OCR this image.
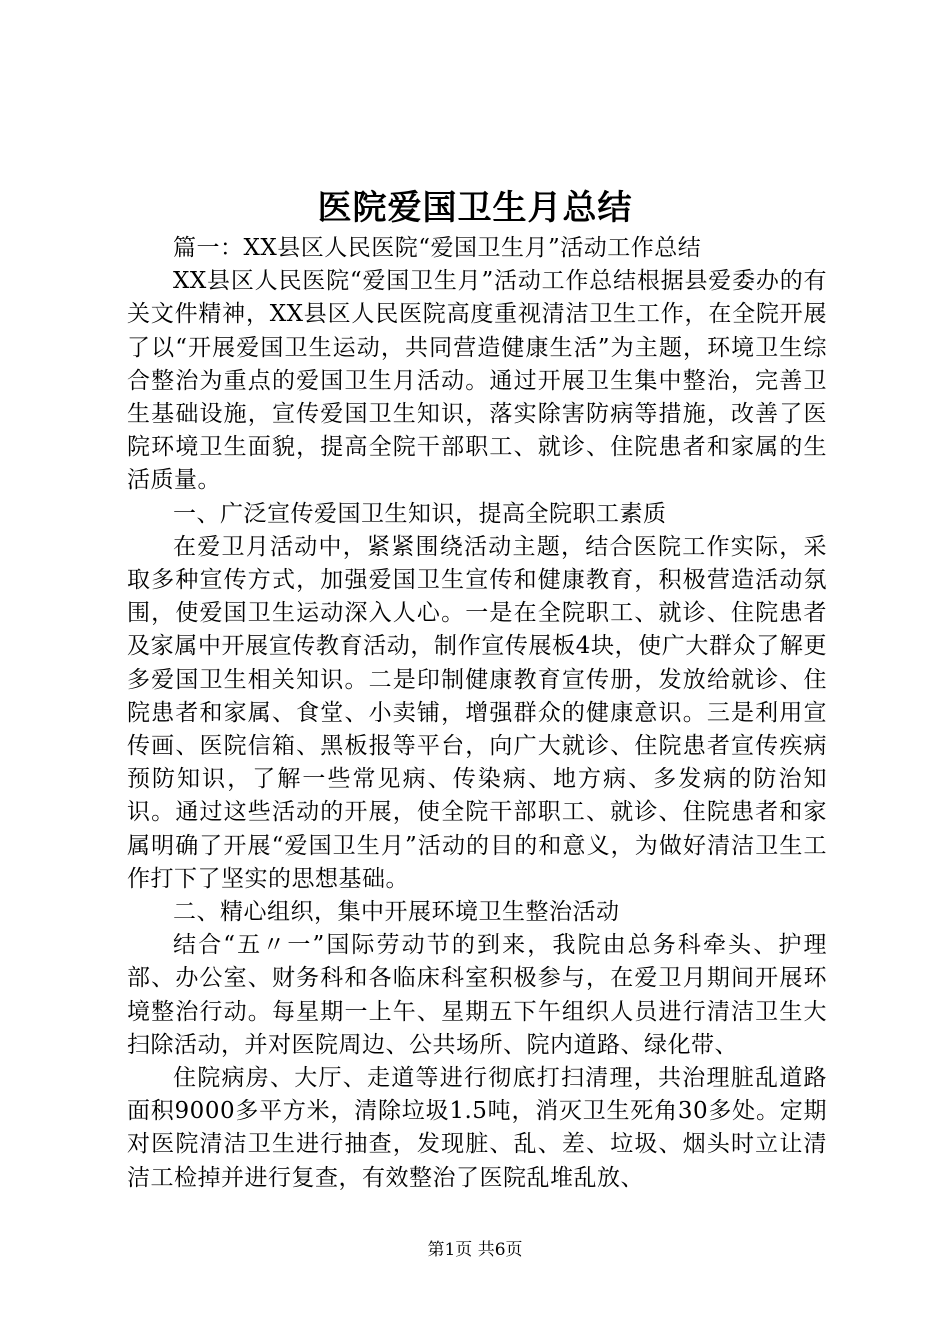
医院爱国卫生月总结

篇一：XX县区人民医院“爱国卫生月”活动工作总结

XX县区人民医院“爱国卫生月”活动工作总结根据县爱委办的有关文件精神，XX县区人民医院高度重视清洁卫生工作，在全院开展了以“开展爱国卫生运动，共同营造健康生活”为主题，环境卫生综合整治为重点的爱国卫生月活动。通过开展卫生集中整治，完善卫生基础设施，宣传爱国卫生知识，落实除害防病等措施，改善了医院环境卫生面貌，提高全院干部职工、就诊、住院患者和家属的生活质量。

一、广泛宣传爱国卫生知识，提高全院职工素质

在爱卫月活动中，紧紧围绕活动主题，结合医院工作实际，采取多种宣传方式，加强爱国卫生宣传和健康教育，积极营造活动氛围，使爱国卫生运动深入人心。一是在全院职工、就诊、住院患者及家属中开展宣传教育活动，制作宣传展板4块，使广大群众了解更多爱国卫生相关知识。二是印制健康教育宣传册，发放给就诊、住院患者和家属、食堂、小卖铺，增强群众的健康意识。三是利用宣传画、医院信箱、黑板报等平台，向广大就诊、住院患者宣传疾病预防知识，了解一些常见病、传染病、地方病、多发病的防治知识。通过这些活动的开展，使全院干部职工、就诊、住院患者和家属明确了开展“爱国卫生月”活动的目的和意义，为做好清洁卫生工作打下了坚实的思想基础。

二、精心组织，集中开展环境卫生整治活动

结合“五〃一”国际劳动节的到来，我院由总务科牵头、护理部、办公室、财务科和各临床科室积极参与，在爱卫月期间开展环境整治行动。每星期一上午、星期五下午组织人员进行清洁卫生大扫除活动，并对医院周边、公共场所、院内道路、绿化带、

住院病房、大厅、走道等进行彻底打扫清理，共治理脏乱道路面积9000多平方米，清除垃圾1.5吨，消灭卫生死角30多处。定期对医院清洁卫生进行抽查，发现脏、乱、差、垃圾、烟头时立让清洁工检掉并进行复查，有效整治了医院乱堆乱放、

第1页 共6页
